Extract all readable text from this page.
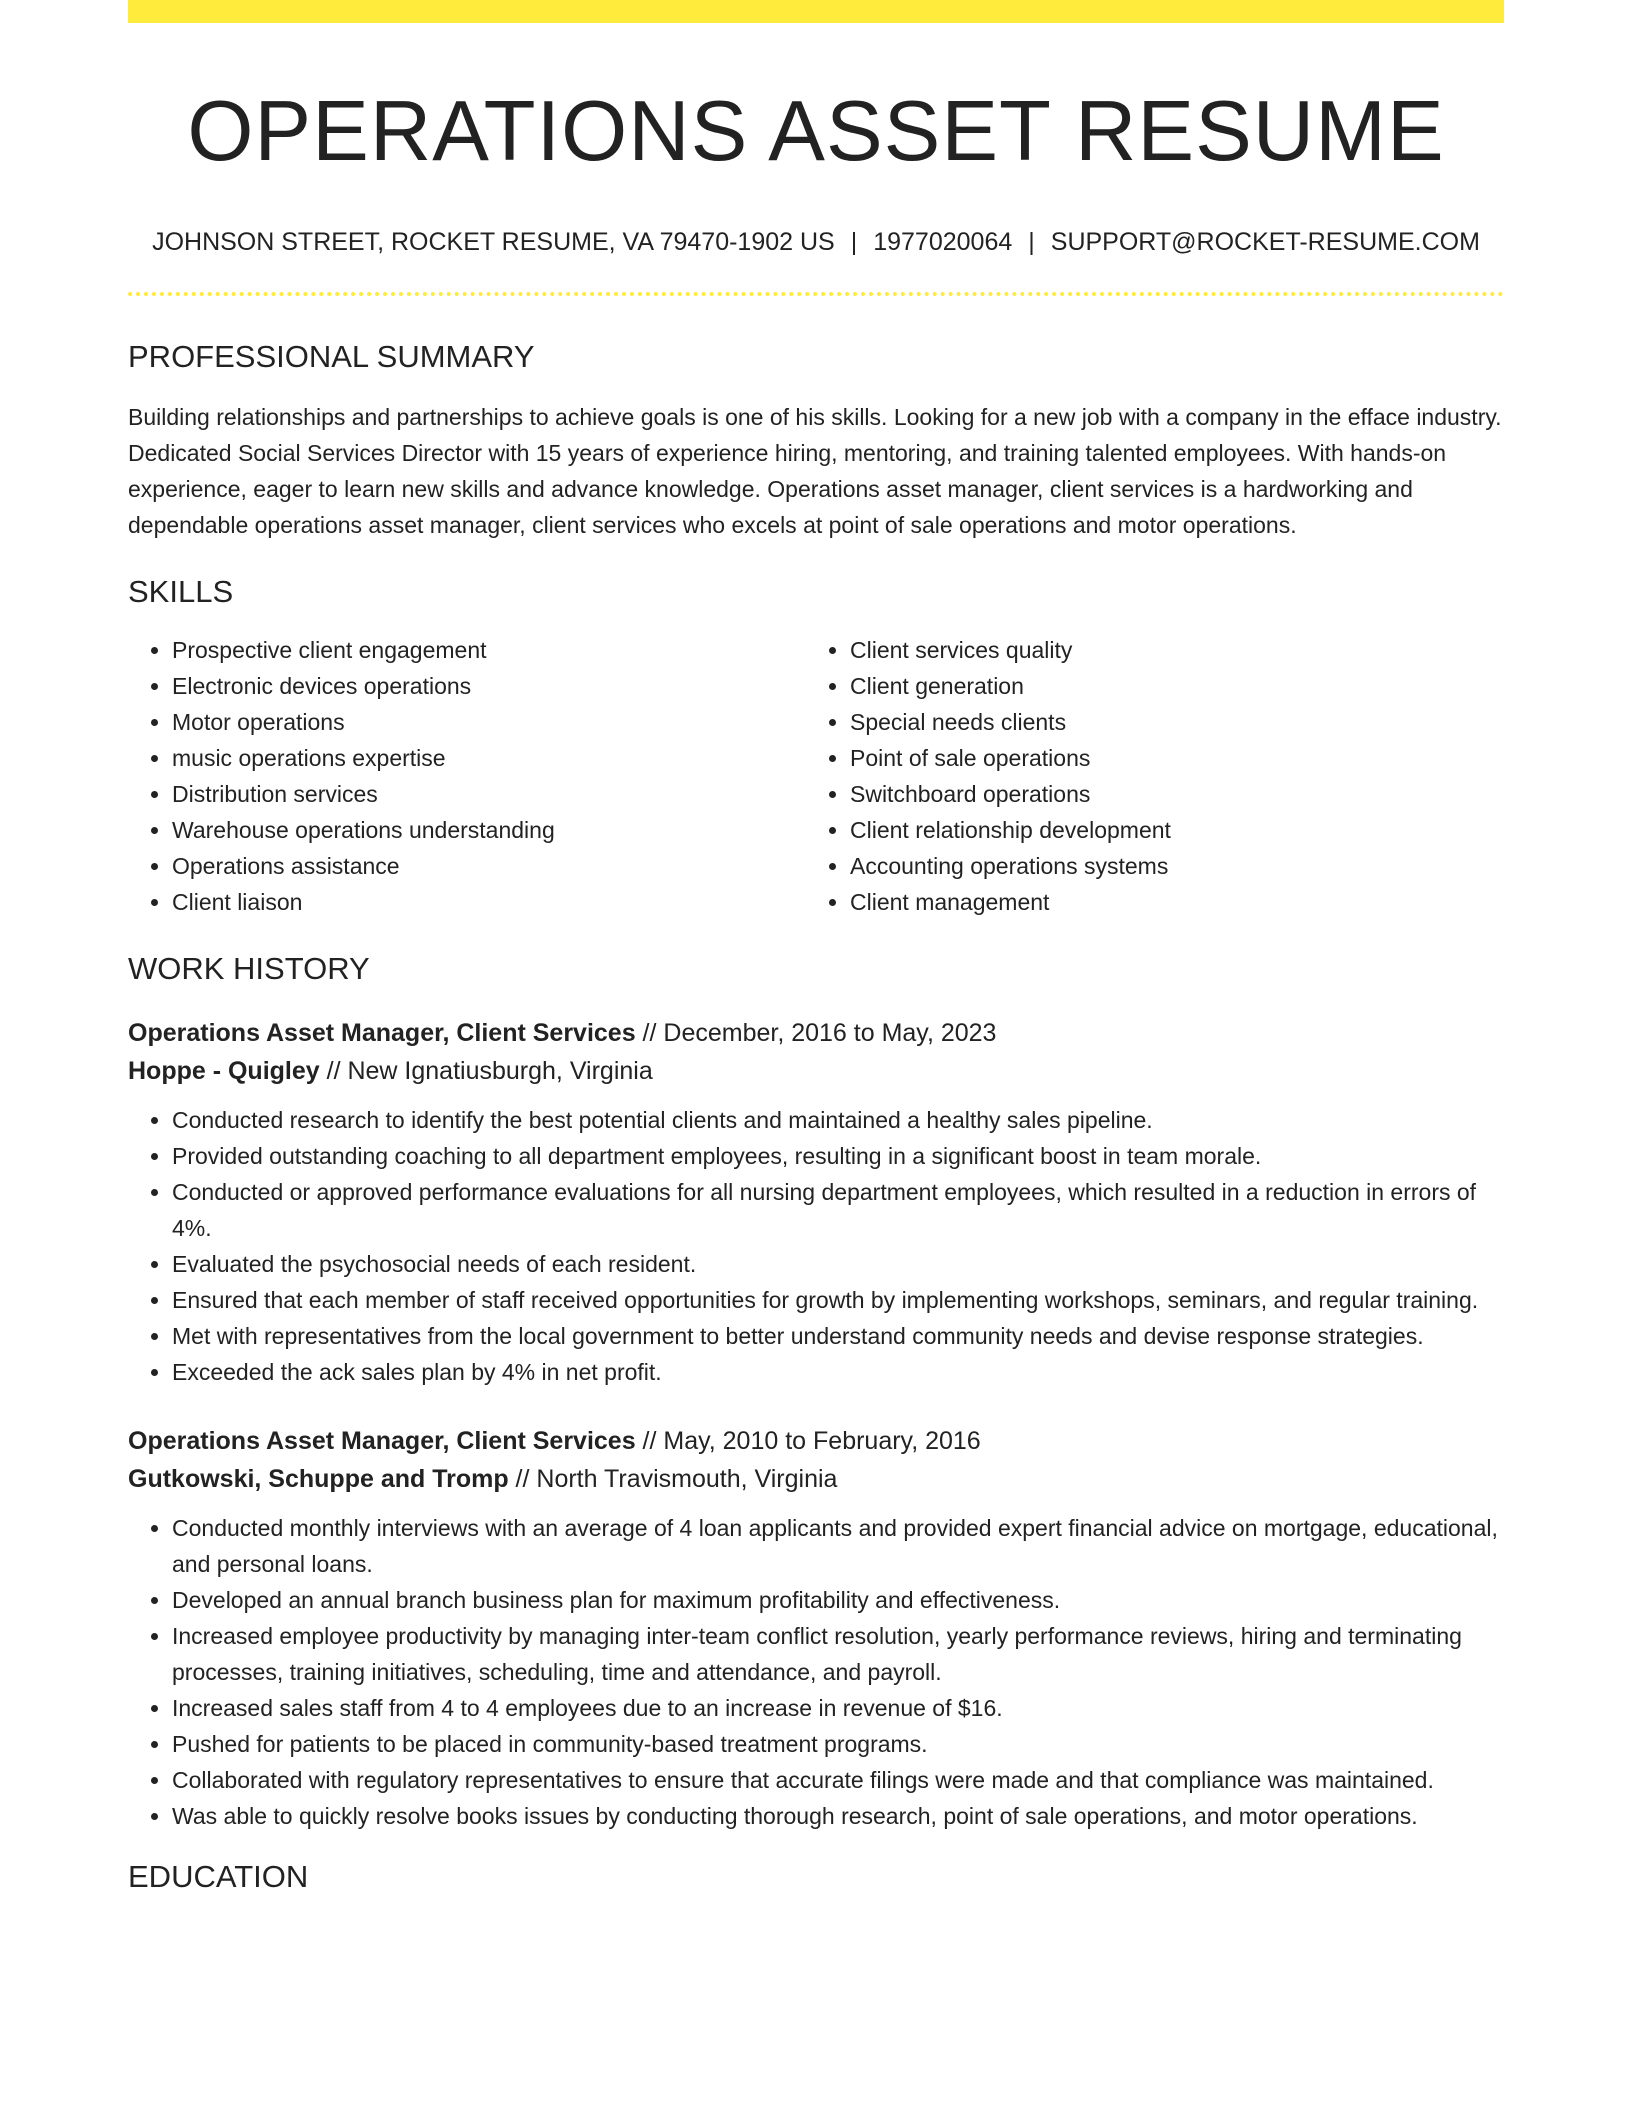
OPERATIONS ASSET RESUME
JOHNSON STREET, ROCKET RESUME, VA 79470-1902 US | 1977020064 | SUPPORT@ROCKET-RESUME.COM
PROFESSIONAL SUMMARY

Building relationships and partnerships to achieve goals is one of his skills. Looking for a new job with a company in the efface industry. Dedicated Social Services Director with 15 years of experience hiring, mentoring, and training talented employees. With hands-on experience, eager to learn new skills and advance knowledge. Operations asset manager, client services is a hardworking and dependable operations asset manager, client services who excels at point of sale operations and motor operations.

SKILLS
• Prospective client engagement
• Electronic devices operations
• Motor operations
• music operations expertise
• Distribution services
• Warehouse operations understanding
• Operations assistance
• Client liaison
• Client services quality
• Client generation
• Special needs clients
• Point of sale operations
• Switchboard operations
• Client relationship development
• Accounting operations systems
• Client management
WORK HISTORY
Operations Asset Manager, Client Services // December, 2016 to May, 2023
Hoppe - Quigley // New Ignatiusburgh, Virginia
• Conducted research to identify the best potential clients and maintained a healthy sales pipeline.
• Provided outstanding coaching to all department employees, resulting in a significant boost in team morale.
• Conducted or approved performance evaluations for all nursing department employees, which resulted in a reduction in errors of 4%.
• Evaluated the psychosocial needs of each resident.
• Ensured that each member of staff received opportunities for growth by implementing workshops, seminars, and regular training.
• Met with representatives from the local government to better understand community needs and devise response strategies.
• Exceeded the ack sales plan by 4% in net profit.
Operations Asset Manager, Client Services // May, 2010 to February, 2016
Gutkowski, Schuppe and Tromp // North Travismouth, Virginia
• Conducted monthly interviews with an average of 4 loan applicants and provided expert financial advice on mortgage, educational, and personal loans.
• Developed an annual branch business plan for maximum profitability and effectiveness.
• Increased employee productivity by managing inter-team conflict resolution, yearly performance reviews, hiring and terminating processes, training initiatives, scheduling, time and attendance, and payroll.
• Increased sales staff from 4 to 4 employees due to an increase in revenue of $16.
• Pushed for patients to be placed in community-based treatment programs.
• Collaborated with regulatory representatives to ensure that accurate filings were made and that compliance was maintained.
• Was able to quickly resolve books issues by conducting thorough research, point of sale operations, and motor operations.
EDUCATION
